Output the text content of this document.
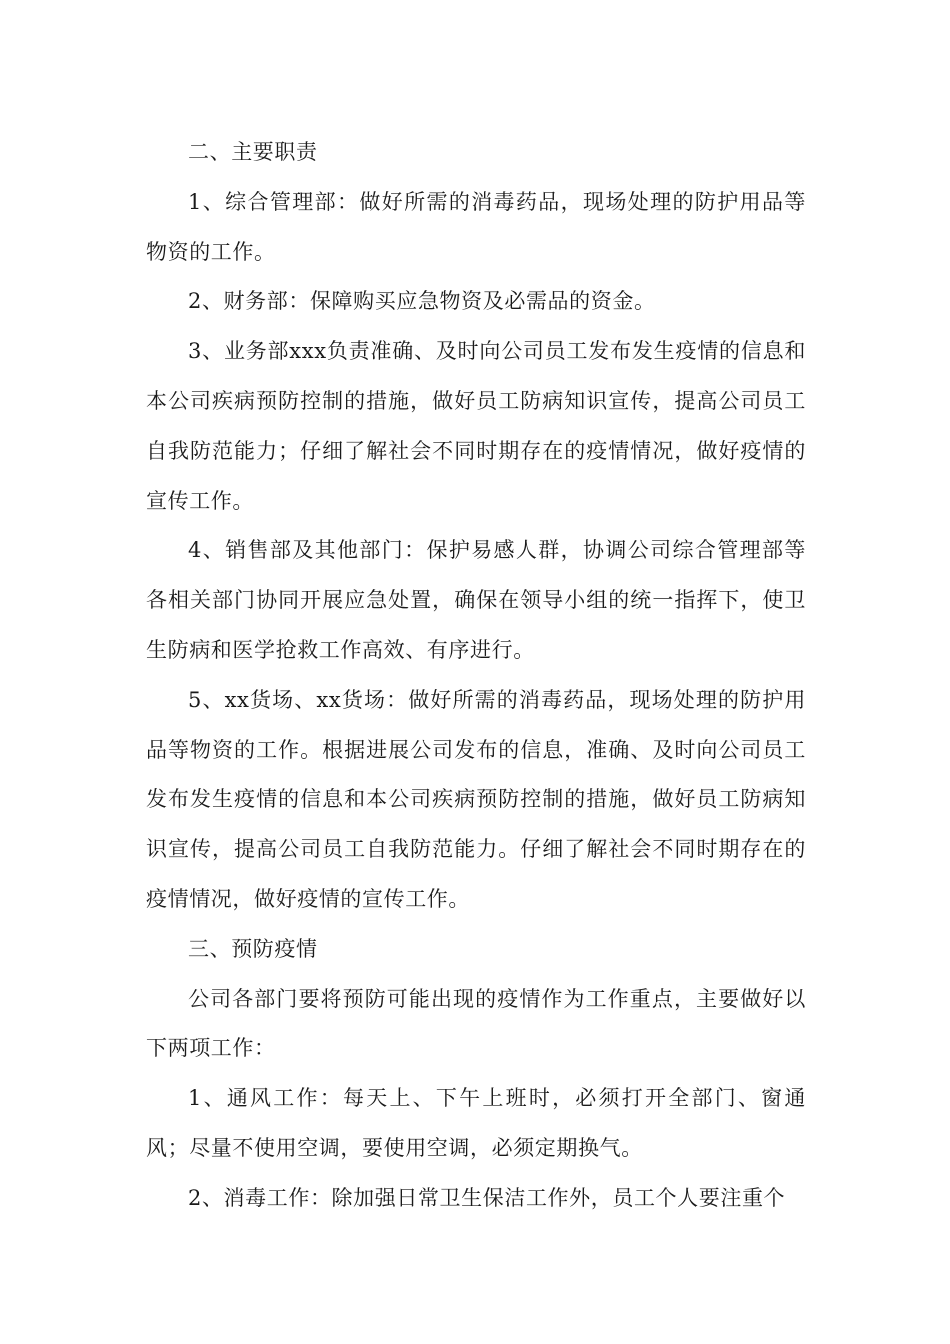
二、主要职责

1、综合管理部：做好所需的消毒药品，现场处理的防护用品等物资的工作。

2、财务部：保障购买应急物资及必需品的资金。

3、业务部xxx负责准确、及时向公司员工发布发生疫情的信息和本公司疾病预防控制的措施，做好员工防病知识宣传，提高公司员工自我防范能力；仔细了解社会不同时期存在的疫情情况，做好疫情的宣传工作。

4、销售部及其他部门：保护易感人群，协调公司综合管理部等各相关部门协同开展应急处置，确保在领导小组的统一指挥下，使卫生防病和医学抢救工作高效、有序进行。

5、xx货场、xx货场：做好所需的消毒药品，现场处理的防护用品等物资的工作。根据进展公司发布的信息，准确、及时向公司员工发布发生疫情的信息和本公司疾病预防控制的措施，做好员工防病知识宣传，提高公司员工自我防范能力。仔细了解社会不同时期存在的疫情情况，做好疫情的宣传工作。

三、预防疫情

公司各部门要将预防可能出现的疫情作为工作重点，主要做好以下两项工作：

1、通风工作：每天上、下午上班时，必须打开全部门、窗通风；尽量不使用空调，要使用空调，必须定期换气。

2、消毒工作：除加强日常卫生保洁工作外，员工个人要注重个
